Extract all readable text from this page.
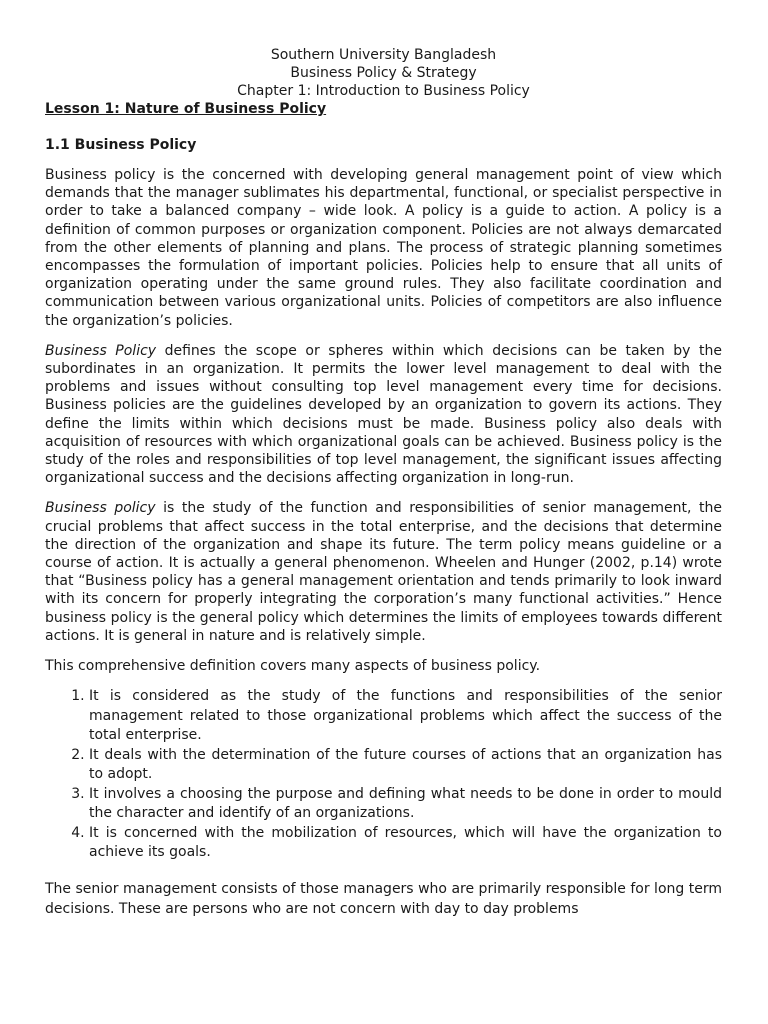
Southern University Bangladesh
Business Policy & Strategy
Chapter 1: Introduction to Business Policy
Lesson 1: Nature of Business Policy
1.1 Business Policy

Business policy is the concerned with developing general management point of view which demands that the manager sublimates his departmental, functional, or specialist perspective in order to take a balanced company – wide look. A policy is a guide to action. A policy is a definition of common purposes or organization component. Policies are not always demarcated from the other elements of planning and plans. The process of strategic planning sometimes encompasses the formulation of important policies. Policies help to ensure that all units of organization operating under the same ground rules. They also facilitate coordination and communication between various organizational units. Policies of competitors are also influence the organization’s policies.

Business Policy defines the scope or spheres within which decisions can be taken by the subordinates in an organization. It permits the lower level management to deal with the problems and issues without consulting top level management every time for decisions. Business policies are the guidelines developed by an organization to govern its actions. They define the limits within which decisions must be made. Business policy also deals with acquisition of resources with which organizational goals can be achieved. Business policy is the study of the roles and responsibilities of top level management, the significant issues affecting organizational success and the decisions affecting organization in long-run.

Business policy is the study of the function and responsibilities of senior management, the crucial problems that affect success in the total enterprise, and the decisions that determine the direction of the organization and shape its future. The term policy means guideline or a course of action. It is actually a general phenomenon. Wheelen and Hunger (2002, p.14) wrote that “Business policy has a general management orientation and tends primarily to look inward with its concern for properly integrating the corporation’s many functional activities.” Hence business policy is the general policy which determines the limits of employees towards different actions. It is general in nature and is relatively simple.

This comprehensive definition covers many aspects of business policy.

1. It is considered as the study of the functions and responsibilities of the senior management related to those organizational problems which affect the success of the total enterprise.
2. It deals with the determination of the future courses of actions that an organization has to adopt.
3. It involves a choosing the purpose and defining what needs to be done in order to mould the character and identify of an organizations.
4. It is concerned with the mobilization of resources, which will have the organization to achieve its goals.

The senior management consists of those managers who are primarily responsible for long term decisions. These are persons who are not concern with day to day problems
